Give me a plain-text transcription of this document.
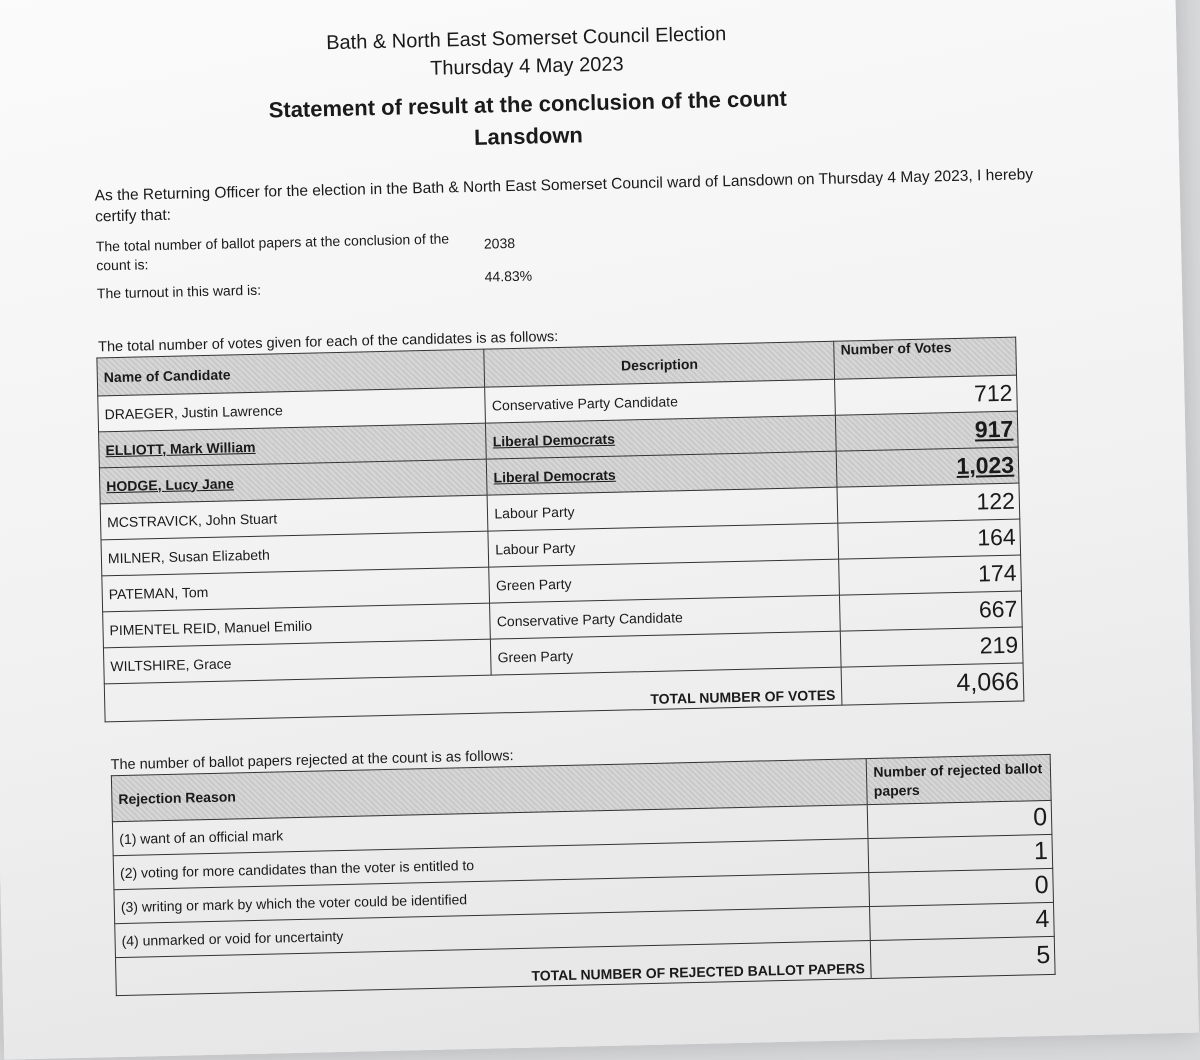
Bath & North East Somerset Council Election
Thursday 4 May 2023
Statement of result at the conclusion of the count
Lansdown
As the Returning Officer for the election in the Bath & North East Somerset Council ward of Lansdown on Thursday 4 May 2023, I hereby certify that:
The total number of ballot papers at the conclusion of the count is:
2038
The turnout in this ward is:
44.83%
The total number of votes given for each of the candidates is as follows:
Name of Candidate	Description	Number of Votes
DRAEGER, Justin Lawrence	Conservative Party Candidate	712
ELLIOTT, Mark William	Liberal Democrats	917
HODGE, Lucy Jane	Liberal Democrats	1,023
MCSTRAVICK, John Stuart	Labour Party	122
MILNER, Susan Elizabeth	Labour Party	164
PATEMAN, Tom	Green Party	174
PIMENTEL REID, Manuel Emilio	Conservative Party Candidate	667
WILTSHIRE, Grace	Green Party	219
TOTAL NUMBER OF VOTES		4,066
The number of ballot papers rejected at the count is as follows:
Rejection Reason	Number of rejected ballot papers
(1) want of an official mark	0
(2) voting for more candidates than the voter is entitled to	1
(3) writing or mark by which the voter could be identified	0
(4) unmarked or void for uncertainty	4
TOTAL NUMBER OF REJECTED BALLOT PAPERS	5
